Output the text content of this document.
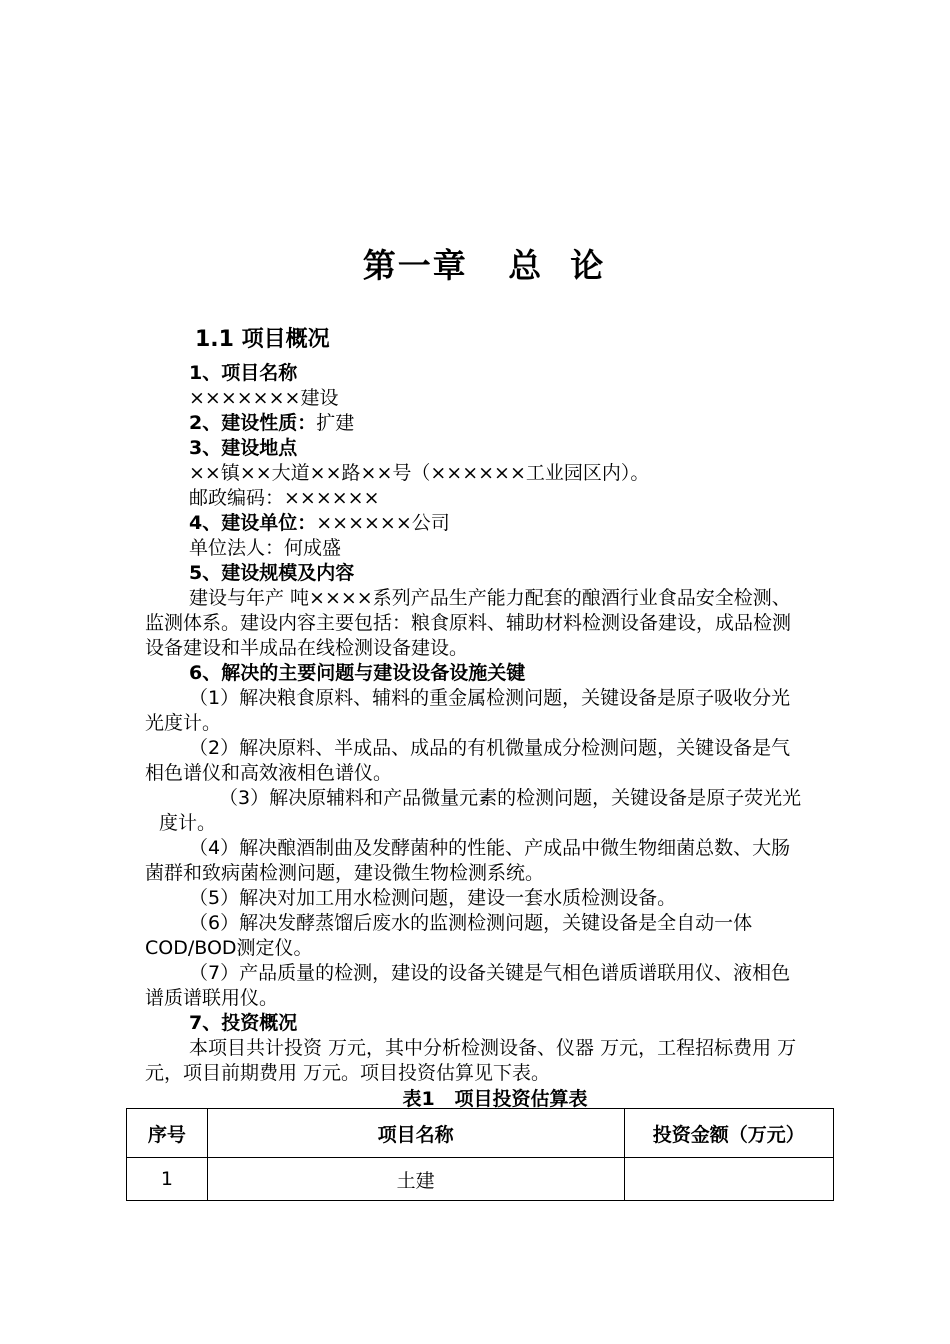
第一章   总  论
1.1 项目概况

1、项目名称

×××××××建设

2、建设性质：扩建

3、建设地点

××镇××大道××路××号（××××××工业园区内）。

邮政编码：××××××

4、建设单位：××××××公司

单位法人：何成盛

5、建设规模及内容

建设与年产 吨××××系列产品生产能力配套的酿酒行业食品安全检测、监测体系。建设内容主要包括：粮食原料、辅助材料检测设备建设，成品检测设备建设和半成品在线检测设备建设。

6、解决的主要问题与建设设备设施关键

（1）解决粮食原料、辅料的重金属检测问题，关键设备是原子吸收分光光度计。

（2）解决原料、半成品、成品的有机微量成分检测问题，关键设备是气相色谱仪和高效液相色谱仪。

（3）解决原辅料和产品微量元素的检测问题，关键设备是原子荧光光度计。

（4）解决酿酒制曲及发酵菌种的性能、产成品中微生物细菌总数、大肠菌群和致病菌检测问题，建设微生物检测系统。

（5）解决对加工用水检测问题，建设一套水质检测设备。

（6）解决发酵蒸馏后废水的监测检测问题，关键设备是全自动一体COD/BOD测定仪。

（7）产品质量的检测，建设的设备关键是气相色谱质谱联用仪、液相色谱质谱联用仪。

7、投资概况

本项目共计投资 万元，其中分析检测设备、仪器 万元，工程招标费用 万元，项目前期费用 万元。项目投资估算见下表。

表1   项目投资估算表
序号	项目名称	投资金额（万元）
1	土建	
